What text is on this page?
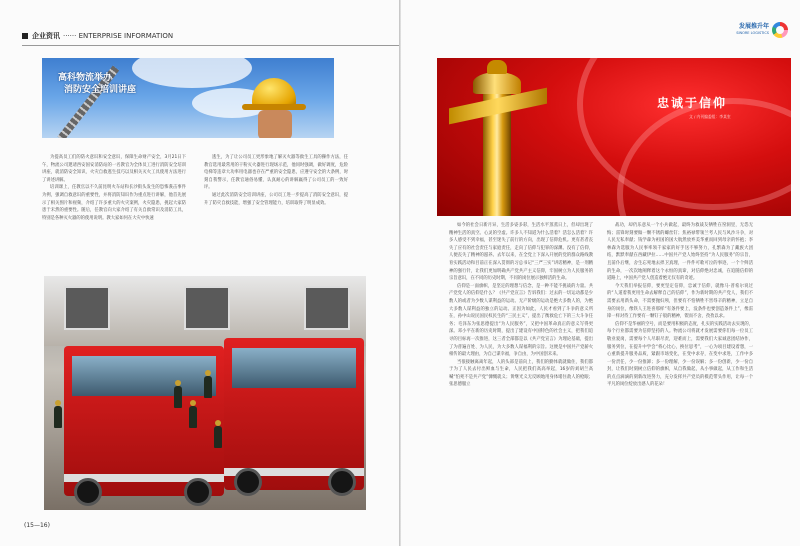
企业资讯 ······ ENTERPRISE INFORMATION
高科物流举办
消防安全培训讲座

为提高员工们的防火意识和安全意识，保障生命财产安全，3月21日下午，物流公司邀请西安国安消防站的一名教官为全体员工进行消防安全培训讲座，就消防安全知识、火灾自救逃生技巧以及相关灭火工具使用方法进行了讲述讲解。

培训课上，任教官以不久前昆明火车站和长沙街头发生的恐怖袭击事件为例，强调自救意识的重要性，并将消防知识作为重点进行讲解，他首先展示了相关图片和视频，介绍了许多重大的火灾案例，火灾隐患，挑起大家防患于未然的重要性。随后，任教官向大家介绍了有关自救常识及消防工具，特别是各种灭火器的的使用说明。教大家如何在大灾中快速

逃生，为了让公司员工更形象地了解灭火器等救生工具的操作方法，任教官选用最常用的干粉灭火器进行现场示范，他同时强调，做好调度，危险电梯等违章大功率用电器也存在严重的安全隐患，应遵守安全的大条例，时刻自我警示，任教官通俗易懂、认真耐心的讲解赢得了公司员工的一致好评。

通过此次消防安全培训讲座，公司员工进一步提高了消防安全意识，提升了防灾自救技能，增强了安全管理能力，培训取得了明显成效。

(15—16)
发展推升年
SINORE LOGISTICS
忠诚于信仰
文 / 内刊编委组：李某室

如今的社会日新月异，生活多姿多彩，生活水平蒸蒸日上，但却出现了精神生活的真空。心灵的空虚。许多人不知道为什么活着？活怎么活着？许多人感受不到幸福，甚至迷失了前行的方向，出现了信仰危机。更有甚者丧失了应有的社会责任与家庭责任，走向了信仰与犯罪的深渊。没有了信仰，人便丧失了精神的滋养。去年以来，在全党上下深入开展的党的群众路线教育实践活动和目前正在深入贯彻的习总书记“三严三实”讲话精神，是一剂精神的强行针，让我们更加明确共产党共产主义信仰，牢固树立为人民服务的宗旨意识，在不同的历史时期，不同的岗位展示独鲜活的生命。

信仰是一面旗帜，是坚定的理想与信念，是一种不能不挑战的力量。共产党党人的信仰是什么？《共产党宣言》告诉我们：过去的一切运动都是少数人的或者为少数人谋利益的运动。无产阶级的运动是绝大多数人的，为绝大多数人谋利益的独立的运动。正因为如此，人民才看到了斗争的意义所在，孙中山说民国民权民生的“三民主义”，提出了衡救危亡下的三大斗争任务；毛泽东为张思德提出“为人民服务”，又把中国革命真正的意义写得更深。邓小平在新的历史时期，提出了建设有中国特色的社会主义，把我们追寻的目标再一次推进，这三者全部都是以《共产党宣言》为理论基础，提出了为普遍百姓、为人民，为大多数人谋福利的宗旨。这便是中国共产党薪火相传的最大理由，为自己谋幸福，争自由，为中国创未来。

当很接触离离年起，人的头部是前向上，我们的勤体就就做住，我们都于为了人民去付出鲜血与生命，人民把我们高高举起，16岁的刘胡兰高喊“怕死不是共产党”慷慨就义；黄继光义无反顾地用身体堵住敌人的枪眼；张思德服立

战功，却仍乐意从一个小兵做起，最终为救战友牺牲在窑洞里，无怨无悔；雷锋时刻要做一颗不锈的螺丝钉；焦裕禄带领兰考人民与风沙斗争，对人民无私奉献；钱学森为祖国的国大航然放弃美华重而回到母亲的怀抱；李林森为选服为人民事率领千家家的好手送不够努力，孔繁森为了藏族大团结，默默奉献在西藏伊拉……中国共产党人始终坚持“为人民服务”的宗旨，且前仆后继，舍生忘死地去捍卫真理，一件件可歌可泣的事迹，一个个鲜活的生命，一次次地阐释着这个永恒的真谛，对信仰绝对忠诚，在追随信仰的道路上，中国共产党人创造着绝无仅有的奇迹。

今天我们举报信仰，要更坚定信仰，忠诚于信仰，就像马·普希尔说过的“人道着我更用生命去解释自己的信仰”，作为新时期的共产党人，我们不需要去用新头命，不需要抛妇颅，但要有不怕牺牲不害辱辛的精神，立足自身的岗位，像铁人王进喜那样“有条件要上，没条件也要创造条件上”，像雷锋一样对待工作要有一颗钉子般的精神，锲而不舍，孜孜以求。

信仰不是华丽的空号，而是要用积极的态度，扎实的实践活动去实现的，每个行业都需要为信仰坚持的人。物流公司将就才发展需要你们每一位员工敬业爱岗，需要每个人尽职尽责，迎难而上，需要我们大家诚意团结协作，服务到位，在提升中学会“将心比心，换位思考”，一心为项目建设着想，一心重新提升服务品质，紧跟市场变化，在变中求存，在变中求进，工作中多一份责任，少一份推卸；多一份理解，少一份误解；多一份创新，少一份自封，让我们时刻树立信仰的旗帜，从自我做起，从小事做起，从工作和生活的点点滴滴的刻新改进努力，充分发挥共产党员的模范带头作用，让每一个平凡的岗位绽放出感人的花朵！
